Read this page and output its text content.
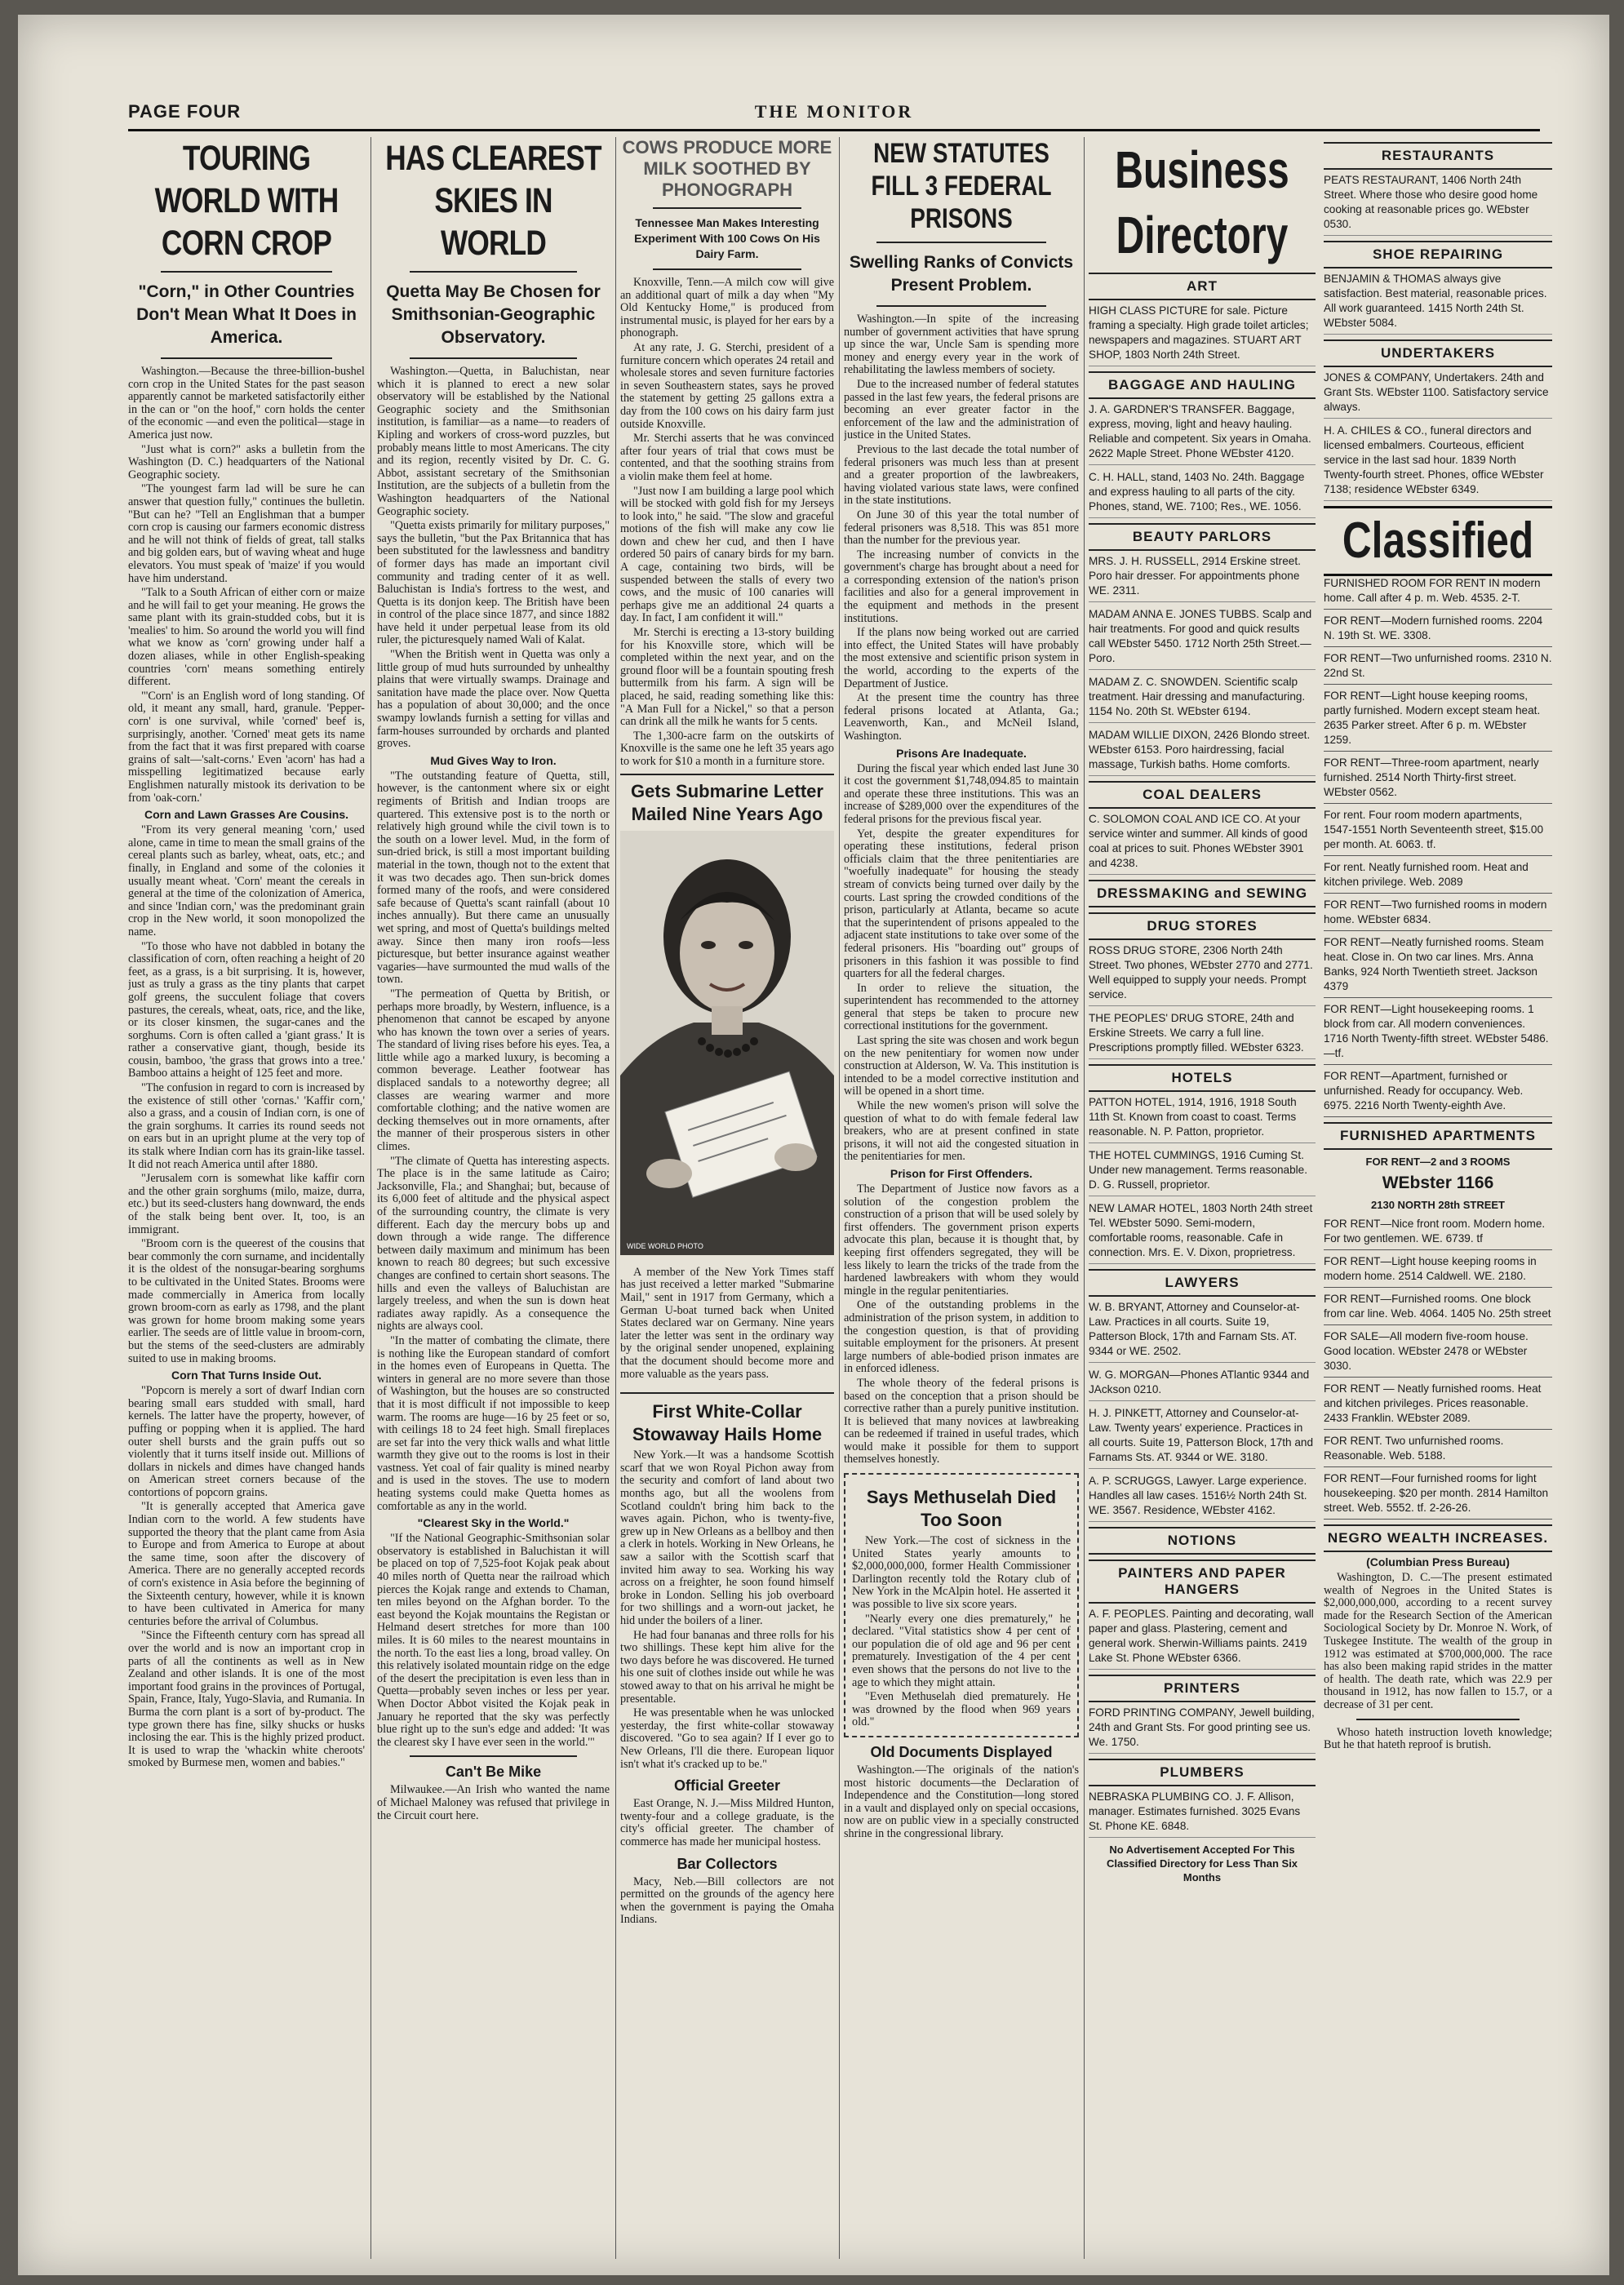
PAGE FOUR	THE MONITOR
TOURING WORLD WITH CORN CROP
"Corn," in Other Countries Don't Mean What It Does in America.

Washington.—Because the three-billion-bushel corn crop in the United States for the past season apparently cannot be marketed satisfactorily either in the can or "on the hoof," corn holds the center of the economic —and even the political—stage in America just now.

"Just what is corn?" asks a bulletin from the Washington (D. C.) headquarters of the National Geographic society.

"The youngest farm lad will be sure he can answer that question fully," continues the bulletin. "But can he? "Tell an Englishman that a bumper corn crop is causing our farmers economic distress and he will not think of fields of great, tall stalks and big golden ears, but of waving wheat and huge elevators. You must speak of 'maize' if you would have him understand.

"Talk to a South African of either corn or maize and he will fail to get your meaning. He grows the same plant with its grain-studded cobs, but it is 'mealies' to him. So around the world you will find what we know as 'corn' growing under half a dozen aliases, while in other English-speaking countries 'corn' means something entirely different.

"'Corn' is an English word of long standing. Of old, it meant any small, hard, granule. 'Pepper-corn' is one survival, while 'corned' beef is, surprisingly, another. 'Corned' meat gets its name from the fact that it was first prepared with coarse grains of salt—'salt-corns.' Even 'acorn' has had a misspelling legitimatized because early Englishmen naturally mistook its derivation to be from 'oak-corn.'

Corn and Lawn Grasses Are Cousins.

"From its very general meaning 'corn,' used alone, came in time to mean the small grains of the cereal plants such as barley, wheat, oats, etc.; and finally, in England and some of the colonies it usually meant wheat. 'Corn' meant the cereals in general at the time of the colonization of America, and since 'Indian corn,' was the predominant grain crop in the New world, it soon monopolized the name.

"To those who have not dabbled in botany the classification of corn, often reaching a height of 20 feet, as a grass, is a bit surprising. It is, however, just as truly a grass as the tiny plants that carpet golf greens, the succulent foliage that covers pastures, the cereals, wheat, oats, rice, and the like, or its closer kinsmen, the sugar-canes and the sorghums. Corn is often called a 'giant grass.' It is rather a conservative giant, though, beside its cousin, bamboo, 'the grass that grows into a tree.' Bamboo attains a height of 125 feet and more.

"The confusion in regard to corn is increased by the existence of still other 'cornas.' 'Kaffir corn,' also a grass, and a cousin of Indian corn, is one of the grain sorghums. It carries its round seeds not on ears but in an upright plume at the very top of its stalk where Indian corn has its grain-like tassel. It did not reach America until after 1880.

"Jerusalem corn is somewhat like kaffir corn and the other grain sorghums (milo, maize, durra, etc.) but its seed-clusters hang downward, the ends of the stalk being bent over. It, too, is an immigrant.

"Broom corn is the queerest of the cousins that bear commonly the corn surname, and incidentally it is the oldest of the nonsugar-bearing sorghums to be cultivated in the United States. Brooms were made commercially in America from locally grown broom-corn as early as 1798, and the plant was grown for home broom making some years earlier. The seeds are of little value in broom-corn, but the stems of the seed-clusters are admirably suited to use in making brooms.

Corn That Turns Inside Out.

"Popcorn is merely a sort of dwarf Indian corn bearing small ears studded with small, hard kernels. The latter have the property, however, of puffing or popping when it is applied. The hard outer shell bursts and the grain puffs out so violently that it turns itself inside out. Millions of dollars in nickels and dimes have changed hands on American street corners because of the contortions of popcorn grains.

"It is generally accepted that America gave Indian corn to the world. A few students have supported the theory that the plant came from Asia to Europe and from America to Europe at about the same time, soon after the discovery of America. There are no generally accepted records of corn's existence in Asia before the beginning of the Sixteenth century, however, while it is known to have been cultivated in America for many centuries before the arrival of Columbus.

"Since the Fifteenth century corn has spread all over the world and is now an important crop in parts of all the continents as well as in New Zealand and other islands. It is one of the most important food grains in the provinces of Portugal, Spain, France, Italy, Yugo-Slavia, and Rumania. In Burma the corn plant is a sort of by-product. The type grown there has fine, silky shucks or husks inclosing the ear. This is the highly prized product. It is used to wrap the 'whackin white cheroots' smoked by Burmese men, women and babies."

HAS CLEAREST SKIES IN WORLD
Quetta May Be Chosen for Smithsonian-Geographic Observatory.

Washington.—Quetta, in Baluchistan, near which it is planned to erect a new solar observatory will be established by the National Geographic society and the Smithsonian institution, is familiar—as a name—to readers of Kipling and workers of cross-word puzzles, but probably means little to most Americans. The city and its region, recently visited by Dr. C. G. Abbot, assistant secretary of the Smithsonian Institution, are the subjects of a bulletin from the Washington headquarters of the National Geographic society.

"Quetta exists primarily for military purposes," says the bulletin, "but the Pax Britannica that has been substituted for the lawlessness and banditry of former days has made an important civil community and trading center of it as well. Baluchistan is India's fortress to the west, and Quetta is its donjon keep. The British have been in control of the place since 1877, and since 1882 have held it under perpetual lease from its old ruler, the picturesquely named Wali of Kalat.

"When the British went in Quetta was only a little group of mud huts surrounded by unhealthy plains that were virtually swamps. Drainage and sanitation have made the place over. Now Quetta has a population of about 30,000; and the once swampy lowlands furnish a setting for villas and farm-houses surrounded by orchards and planted groves.

Mud Gives Way to Iron.

"The outstanding feature of Quetta, still, however, is the cantonment where six or eight regiments of British and Indian troops are quartered. This extensive post is to the north or relatively high ground while the civil town is to the south on a lower level. Mud, in the form of sun-dried brick, is still a most important building material in the town, though not to the extent that it was two decades ago. Then sun-brick domes formed many of the roofs, and were considered safe because of Quetta's scant rainfall (about 10 inches annually). But there came an unusually wet spring, and most of Quetta's buildings melted away. Since then many iron roofs—less picturesque, but better insurance against weather vagaries—have surmounted the mud walls of the town.

"The permeation of Quetta by British, or perhaps more broadly, by Western, influence, is a phenomenon that cannot be escaped by anyone who has known the town over a series of years. The standard of living rises before his eyes. Tea, a little while ago a marked luxury, is becoming a common beverage. Leather footwear has displaced sandals to a noteworthy degree; all classes are wearing warmer and more comfortable clothing; and the native women are decking themselves out in more ornaments, after the manner of their prosperous sisters in other climes.

"The climate of Quetta has interesting aspects. The place is in the same latitude as Cairo; Jacksonville, Fla.; and Shanghai; but, because of its 6,000 feet of altitude and the physical aspect of the surrounding country, the climate is very different. Each day the mercury bobs up and down through a wide range. The difference between daily maximum and minimum has been known to reach 80 degrees; but such excessive changes are confined to certain short seasons. The hills and even the valleys of Baluchistan are largely treeless, and when the sun is down heat radiates away rapidly. As a consequence the nights are always cool.

"In the matter of combating the climate, there is nothing like the European standard of comfort in the homes even of Europeans in Quetta. The winters in general are no more severe than those of Washington, but the houses are so constructed that it is most difficult if not impossible to keep warm. The rooms are huge—16 by 25 feet or so, with ceilings 18 to 24 feet high. Small fireplaces are set far into the very thick walls and what little warmth they give out to the rooms is lost in their vastness. Yet coal of fair quality is mined nearby and is used in the stoves. The use to modern heating systems could make Quetta homes as comfortable as any in the world.

"Clearest Sky in the World."

"If the National Geographic-Smithsonian solar observatory is established in Baluchistan it will be placed on top of 7,525-foot Kojak peak about 40 miles north of Quetta near the railroad which pierces the Kojak range and extends to Chaman, ten miles beyond on the Afghan border. To the east beyond the Kojak mountains the Registan or Helmand desert stretches for more than 100 miles. It is 60 miles to the nearest mountains in the north. To the east lies a long, broad valley. On this relatively isolated mountain ridge on the edge of the desert the precipitation is even less than in Quetta—probably seven inches or less per year. When Doctor Abbot visited the Kojak peak in January he reported that the sky was perfectly blue right up to the sun's edge and added: 'It was the clearest sky I have ever seen in the world.'"

Can't Be Mike

Milwaukee.—An Irish who wanted the name of Michael Maloney was refused that privilege in the Circuit court here.

COWS PRODUCE MORE MILK SOOTHED BY PHONOGRAPH
Tennessee Man Makes Interesting Experiment With 100 Cows On His Dairy Farm.

Knoxville, Tenn.—A milch cow will give an additional quart of milk a day when "My Old Kentucky Home," is produced from instrumental music, is played for her ears by a phonograph.

At any rate, J. G. Sterchi, president of a furniture concern which operates 24 retail and wholesale stores and seven furniture factories in seven Southeastern states, says he proved the statement by getting 25 gallons extra a day from the 100 cows on his dairy farm just outside Knoxville.

Mr. Sterchi asserts that he was convinced after four years of trial that cows must be contented, and that the soothing strains from a violin make them feel at home.

"Just now I am building a large pool which will be stocked with gold fish for my Jerseys to look into," he said. "The slow and graceful motions of the fish will make any cow lie down and chew her cud, and then I have ordered 50 pairs of canary birds for my barn. A cage, containing two birds, will be suspended between the stalls of every two cows, and the music of 100 canaries will perhaps give me an additional 24 quarts a day. In fact, I am confident it will."

Mr. Sterchi is erecting a 13-story building for his Knoxville store, which will be completed within the next year, and on the ground floor will be a fountain spouting fresh buttermilk from his farm. A sign will be placed, he said, reading something like this: "A Man Full for a Nickel," so that a person can drink all the milk he wants for 5 cents.

The 1,300-acre farm on the outskirts of Knoxville is the same one he left 35 years ago to work for $10 a month in a furniture store.

Gets Submarine Letter Mailed Nine Years Ago
WIDE WORLD PHOTO

A member of the New York Times staff has just received a letter marked "Submarine Mail," sent in 1917 from Germany, which a German U-boat turned back when United States declared war on Germany. Nine years later the letter was sent in the ordinary way by the original sender unopened, explaining that the document should become more and more valuable as the years pass.

First White-Collar Stowaway Hails Home

New York.—It was a handsome Scottish scarf that we won Royal Pichon away from the security and comfort of land about two months ago, but all the woolens from Scotland couldn't bring him back to the waves again. Pichon, who is twenty-five, grew up in New Orleans as a bellboy and then a clerk in hotels. Working in New Orleans, he saw a sailor with the Scottish scarf that invited him away to sea. Working his way across on a freighter, he soon found himself broke in London. Selling his job overboard for two shillings and a worn-out jacket, he hid under the boilers of a liner.

He had four bananas and three rolls for his two shillings. These kept him alive for the two days before he was discovered. He turned his one suit of clothes inside out while he was stowed away to that on his arrival he might be presentable.

He was presentable when he was unlocked yesterday, the first white-collar stowaway discovered. "Go to sea again? If I ever go to New Orleans, I'll die there. European liquor isn't what it's cracked up to be."

Official Greeter

East Orange, N. J.—Miss Mildred Hunton, twenty-four and a college graduate, is the city's official greeter. The chamber of commerce has made her municipal hostess.

Bar Collectors

Macy, Neb.—Bill collectors are not permitted on the grounds of the agency here when the government is paying the Omaha Indians.

NEW STATUTES FILL 3 FEDERAL PRISONS
Swelling Ranks of Convicts Present Problem.

Washington.—In spite of the increasing number of government activities that have sprung up since the war, Uncle Sam is spending more money and energy every year in the work of rehabilitating the lawless members of society.

Due to the increased number of federal statutes passed in the last few years, the federal prisons are becoming an ever greater factor in the enforcement of the law and the administration of justice in the United States.

Previous to the last decade the total number of federal prisoners was much less than at present and a greater proportion of the lawbreakers, having violated various state laws, were confined in the state institutions.

On June 30 of this year the total number of federal prisoners was 8,518. This was 851 more than the number for the previous year.

The increasing number of convicts in the government's charge has brought about a need for a corresponding extension of the nation's prison facilities and also for a general improvement in the equipment and methods in the present institutions.

If the plans now being worked out are carried into effect, the United States will have probably the most extensive and scientific prison system in the world, according to the experts of the Department of Justice.

At the present time the country has three federal prisons located at Atlanta, Ga.; Leavenworth, Kan., and McNeil Island, Washington.

Prisons Are Inadequate.

During the fiscal year which ended last June 30 it cost the government $1,748,094.85 to maintain and operate these three institutions. This was an increase of $289,000 over the expenditures of the federal prisons for the previous fiscal year.

Yet, despite the greater expenditures for operating these institutions, federal prison officials claim that the three penitentiaries are "woefully inadequate" for housing the steady stream of convicts being turned over daily by the courts. Last spring the crowded conditions of the prison, particularly at Atlanta, became so acute that the superintendent of prisons appealed to the adjacent state institutions to take over some of the federal prisoners. His "boarding out" groups of prisoners in this fashion it was possible to find quarters for all the federal charges.

In order to relieve the situation, the superintendent has recommended to the attorney general that steps be taken to procure new correctional institutions for the government.

Last spring the site was chosen and work begun on the new penitentiary for women now under construction at Alderson, W. Va. This institution is intended to be a model corrective institution and will be opened in a short time.

While the new women's prison will solve the question of what to do with female federal law breakers, who are at present confined in state prisons, it will not aid the congested situation in the penitentiaries for men.

Prison for First Offenders.

The Department of Justice now favors as a solution of the congestion problem the construction of a prison that will be used solely by first offenders. The government prison experts advocate this plan, because it is thought that, by keeping first offenders segregated, they will be less likely to learn the tricks of the trade from the hardened lawbreakers with whom they would mingle in the regular penitentiaries.

One of the outstanding problems in the administration of the prison system, in addition to the congestion question, is that of providing suitable employment for the prisoners. At present large numbers of able-bodied prison inmates are in enforced idleness.

The whole theory of the federal prisons is based on the conception that a prison should be corrective rather than a purely punitive institution. It is believed that many novices at lawbreaking can be redeemed if trained in useful trades, which would make it possible for them to support themselves honestly.

Says Methuselah Died Too Soon

New York.—The cost of sickness in the United States yearly amounts to $2,000,000,000, former Health Commissioner Darlington recently told the Rotary club of New York in the McAlpin hotel. He asserted it was possible to live six score years.

"Nearly every one dies prematurely," he declared. "Vital statistics show 4 per cent of our population die of old age and 96 per cent prematurely. Investigation of the 4 per cent even shows that the persons do not live to the age to which they might attain.

"Even Methuselah died prematurely. He was drowned by the flood when 969 years old."

Old Documents Displayed

Washington.—The originals of the nation's most historic documents—the Declaration of Independence and the Constitution—long stored in a vault and displayed only on special occasions, now are on public view in a specially constructed shrine in the congressional library.

Business Directory
ART
HIGH CLASS PICTURE for sale. Picture framing a specialty. High grade toilet articles; newspapers and magazines. STUART ART SHOP, 1803 North 24th Street.
BAGGAGE AND HAULING
J. A. GARDNER'S TRANSFER. Baggage, express, moving, light and heavy hauling. Reliable and competent. Six years in Omaha. 2622 Maple Street. Phone WEbster 4120.
C. H. HALL, stand, 1403 No. 24th. Baggage and express hauling to all parts of the city. Phones, stand, WE. 7100; Res., WE. 1056.
BEAUTY PARLORS
MRS. J. H. RUSSELL, 2914 Erskine street. Poro hair dresser. For appointments phone WE. 2311.
MADAM ANNA E. JONES TUBBS. Scalp and hair treatments. For good and quick results call WEbster 5450. 1712 North 25th Street.—Poro.
MADAM Z. C. SNOWDEN. Scientific scalp treatment. Hair dressing and manufacturing. 1154 No. 20th St. WEbster 6194.
MADAM WILLIE DIXON, 2426 Blondo street. WEbster 6153. Poro hairdressing, facial massage, Turkish baths. Home comforts.
COAL DEALERS
C. SOLOMON COAL AND ICE CO. At your service winter and summer. All kinds of good coal at prices to suit. Phones WEbster 3901 and 4238.
DRESSMAKING and SEWING
DRUG STORES
ROSS DRUG STORE, 2306 North 24th Street. Two phones, WEbster 2770 and 2771. Well equipped to supply your needs. Prompt service.
THE PEOPLES' DRUG STORE, 24th and Erskine Streets. We carry a full line. Prescriptions promptly filled. WEbster 6323.
HOTELS
PATTON HOTEL, 1914, 1916, 1918 South 11th St. Known from coast to coast. Terms reasonable. N. P. Patton, proprietor.
THE HOTEL CUMMINGS, 1916 Cuming St. Under new management. Terms reasonable. D. G. Russell, proprietor.
NEW LAMAR HOTEL, 1803 North 24th street Tel. WEbster 5090. Semi-modern, comfortable rooms, reasonable. Cafe in connection. Mrs. E. V. Dixon, proprietress.
LAWYERS
W. B. BRYANT, Attorney and Counselor-at-Law. Practices in all courts. Suite 19, Patterson Block, 17th and Farnam Sts. AT. 9344 or WE. 2502.
W. G. MORGAN—Phones ATlantic 9344 and JAckson 0210.
H. J. PINKETT, Attorney and Counselor-at-Law. Twenty years' experience. Practices in all courts. Suite 19, Patterson Block, 17th and Farnams Sts. AT. 9344 or WE. 3180.
A. P. SCRUGGS, Lawyer. Large experience. Handles all law cases. 1516½ North 24th St. WE. 3567. Residence, WEbster 4162.
NOTIONS
PAINTERS AND PAPER HANGERS
A. F. PEOPLES. Painting and decorating, wall paper and glass. Plastering, cement and general work. Sherwin-Williams paints. 2419 Lake St. Phone WEbster 6366.
PRINTERS
FORD PRINTING COMPANY, Jewell building, 24th and Grant Sts. For good printing see us. We. 1750.
PLUMBERS
NEBRASKA PLUMBING CO. J. F. Allison, manager. Estimates furnished. 3025 Evans St. Phone KE. 6848.
No Advertisement Accepted For This Classified Directory for Less Than Six Months
RESTAURANTS
PEATS RESTAURANT, 1406 North 24th Street. Where those who desire good home cooking at reasonable prices go. WEbster 0530.
SHOE REPAIRING
BENJAMIN & THOMAS always give satisfaction. Best material, reasonable prices. All work guaranteed. 1415 North 24th St. WEbster 5084.
UNDERTAKERS
JONES & COMPANY, Undertakers. 24th and Grant Sts. WEbster 1100. Satisfactory service always.
H. A. CHILES & CO., funeral directors and licensed embalmers. Courteous, efficient service in the last sad hour. 1839 North Twenty-fourth street. Phones, office WEbster 7138; residence WEbster 6349.
Classified
FURNISHED ROOM FOR RENT IN modern home. Call after 4 p. m. Web. 4535. 2-T.
FOR RENT—Modern furnished rooms. 2204 N. 19th St. WE. 3308.
FOR RENT—Two unfurnished rooms. 2310 N. 22nd St.
FOR RENT—Light house keeping rooms, partly furnished. Modern except steam heat. 2635 Parker street. After 6 p. m. WEbster 1259.
FOR RENT—Three-room apartment, nearly furnished. 2514 North Thirty-first street. WEbster 0562.
For rent. Four room modern apartments, 1547-1551 North Seventeenth street, $15.00 per month. At. 6063. tf.
For rent. Neatly furnished room. Heat and kitchen privilege. Web. 2089
FOR RENT—Two furnished rooms in modern home. WEbster 6834.
FOR RENT—Neatly furnished rooms. Steam heat. Close in. On two car lines. Mrs. Anna Banks, 924 North Twentieth street. Jackson 4379
FOR RENT—Light housekeeping rooms. 1 block from car. All modern conveniences. 1716 North Twenty-fifth street. WEbster 5486.—tf.
FOR RENT—Apartment, furnished or unfurnished. Ready for occupancy. Web. 6975. 2216 North Twenty-eighth Ave.
FURNISHED APARTMENTS
FOR RENT—2 and 3 ROOMS
WEbster 1166
2130 NORTH 28th STREET
FOR RENT—Nice front room. Modern home. For two gentlemen. WE. 6739. tf
FOR RENT—Light house keeping rooms in modern home. 2514 Caldwell. WE. 2180.
FOR RENT—Furnished rooms. One block from car line. Web. 4064. 1405 No. 25th street
FOR SALE—All modern five-room house. Good location. WEbster 2478 or WEbster 3030.
FOR RENT — Neatly furnished rooms. Heat and kitchen privileges. Prices reasonable. 2433 Franklin. WEbster 2089.
FOR RENT. Two unfurnished rooms. Reasonable. Web. 5188.
FOR RENT—Four furnished rooms for light housekeeping. $20 per month. 2814 Hamilton street. Web. 5552. tf. 2-26-26.
NEGRO WEALTH INCREASES.
(Columbian Press Bureau)

Washington, D. C.—The present estimated wealth of Negroes in the United States is $2,000,000,000, according to a recent survey made for the Research Section of the American Sociological Society by Dr. Monroe N. Work, of Tuskegee Institute. The wealth of the group in 1912 was estimated at $700,000,000. The race has also been making rapid strides in the matter of health. The death rate, which was 22.9 per thousand in 1912, has now fallen to 15.7, or a decrease of 31 per cent.

Whoso hateth instruction loveth knowledge; But he that hateth reproof is brutish.
